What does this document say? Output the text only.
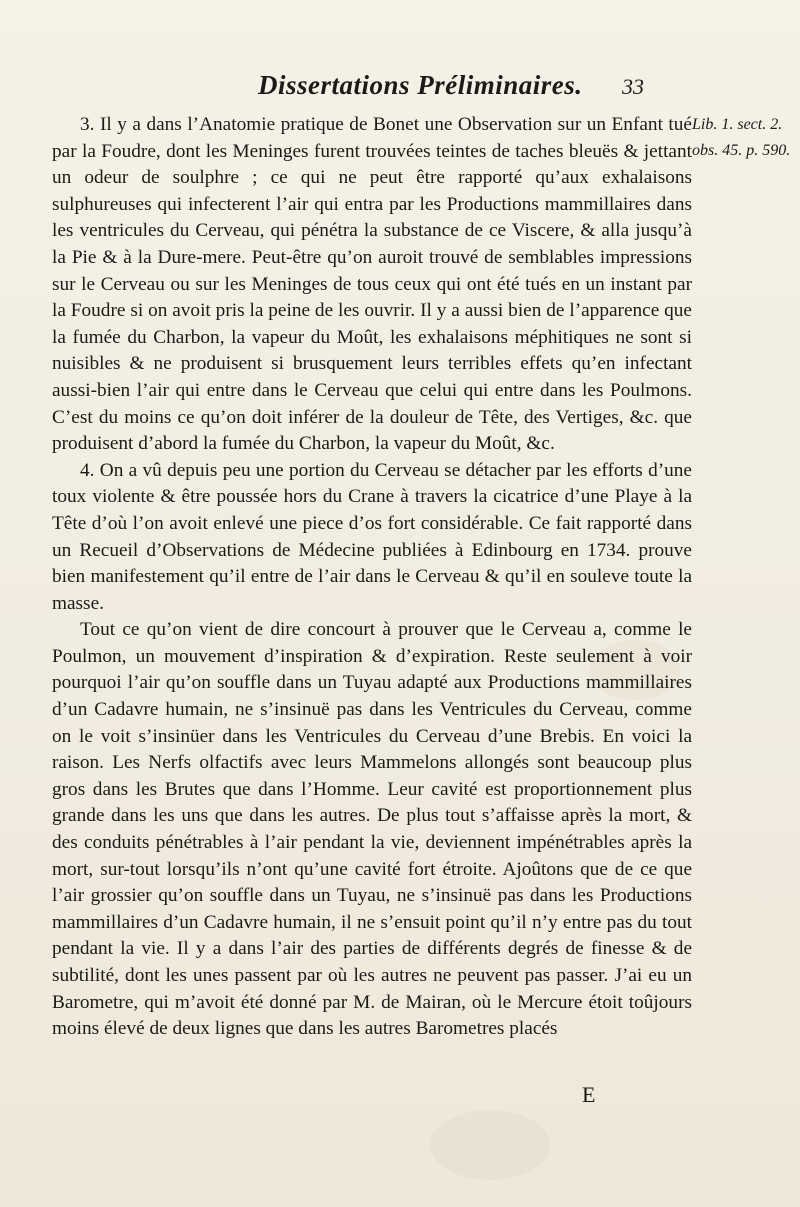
Dissertations Préliminaires. 33
Lib. 1. sect. 2.
obs. 45. p. 590.

3. Il y a dans l’Anatomie pratique de Bonet une Observation sur un Enfant tué par la Foudre, dont les Meninges furent trouvées teintes de taches bleuës & jettant un odeur de soulphre ; ce qui ne peut être rapporté qu’aux exhalaisons sulphureuses qui infecterent l’air qui entra par les Productions mammillaires dans les ventricules du Cerveau, qui pénétra la substance de ce Viscere, & alla jusqu’à la Pie & à la Dure-mere. Peut-être qu’on auroit trouvé de semblables impressions sur le Cerveau ou sur les Meninges de tous ceux qui ont été tués en un instant par la Foudre si on avoit pris la peine de les ouvrir. Il y a aussi bien de l’apparence que la fumée du Charbon, la vapeur du Moût, les exhalaisons méphitiques ne sont si nuisibles & ne produisent si brusquement leurs terribles effets qu’en infectant aussi-bien l’air qui entre dans le Cerveau que celui qui entre dans les Poulmons. C’est du moins ce qu’on doit inférer de la douleur de Tête, des Vertiges, &c. que produisent d’abord la fumée du Charbon, la vapeur du Moût, &c.

4. On a vû depuis peu une portion du Cerveau se détacher par les efforts d’une toux violente & être poussée hors du Crane à travers la cicatrice d’une Playe à la Tête d’où l’on avoit enlevé une piece d’os fort considérable. Ce fait rapporté dans un Recueil d’Observations de Médecine publiées à Edinbourg en 1734. prouve bien manifestement qu’il entre de l’air dans le Cerveau & qu’il en souleve toute la masse.

Tout ce qu’on vient de dire concourt à prouver que le Cerveau a, comme le Poulmon, un mouvement d’inspiration & d’expiration. Reste seulement à voir pourquoi l’air qu’on souffle dans un Tuyau adapté aux Productions mammillaires d’un Cadavre humain, ne s’insinuë pas dans les Ventricules du Cerveau, comme on le voit s’insinüer dans les Ventricules du Cerveau d’une Brebis. En voici la raison. Les Nerfs olfactifs avec leurs Mammelons allongés sont beaucoup plus gros dans les Brutes que dans l’Homme. Leur cavité est proportionnement plus grande dans les uns que dans les autres. De plus tout s’affaisse après la mort, & des conduits pénétrables à l’air pendant la vie, deviennent impénétrables après la mort, sur-tout lorsqu’ils n’ont qu’une cavité fort étroite. Ajoûtons que de ce que l’air grossier qu’on souffle dans un Tuyau, ne s’insinuë pas dans les Productions mammillaires d’un Cadavre humain, il ne s’ensuit point qu’il n’y entre pas du tout pendant la vie. Il y a dans l’air des parties de différents degrés de finesse & de subtilité, dont les unes passent par où les autres ne peuvent pas passer. J’ai eu un Barometre, qui m’avoit été donné par M. de Mairan, où le Mercure étoit toûjours moins élevé de deux lignes que dans les autres Barometres placés

E
